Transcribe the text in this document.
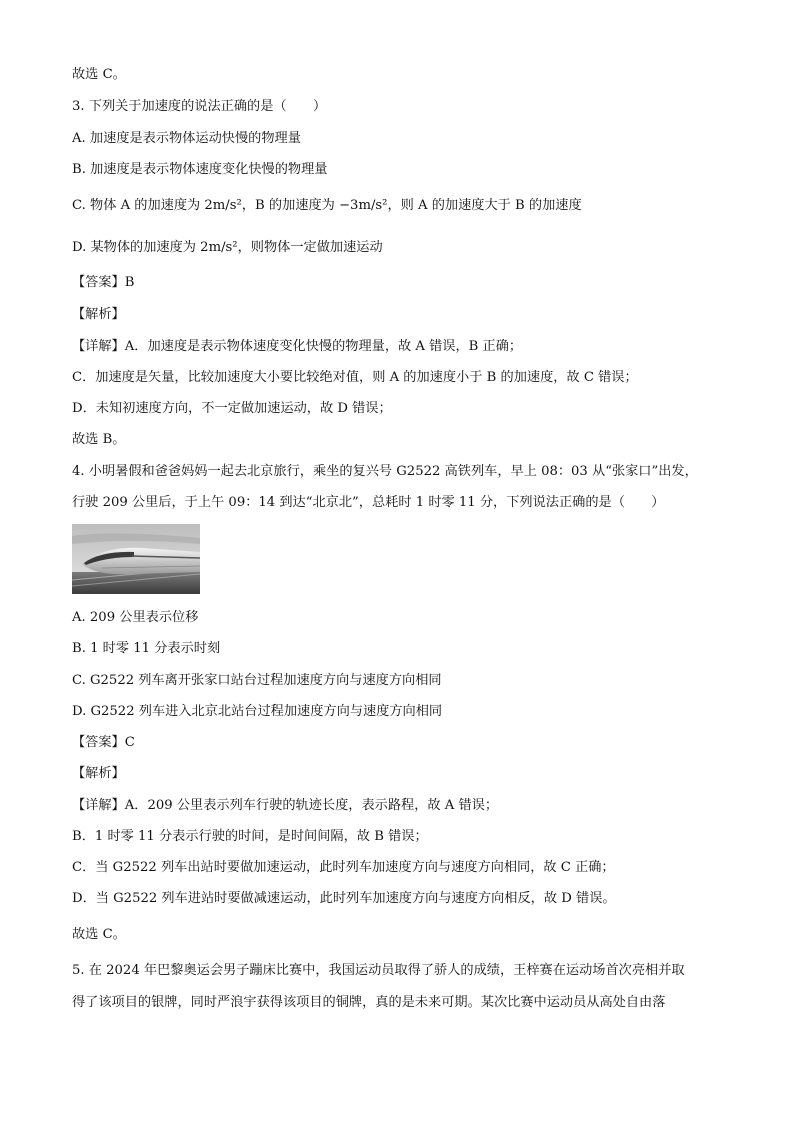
故选 C。
3. 下列关于加速度的说法正确的是（　　）
A. 加速度是表示物体运动快慢的物理量
B. 加速度是表示物体速度变化快慢的物理量
C. 物体 A 的加速度为 2m/s²，B 的加速度为 −3m/s²，则 A 的加速度大于 B 的加速度
D. 某物体的加速度为 2m/s²，则物体一定做加速运动
【答案】B
【解析】
【详解】A．加速度是表示物体速度变化快慢的物理量，故 A 错误，B 正确；
C．加速度是矢量，比较加速度大小要比较绝对值，则 A 的加速度小于 B 的加速度，故 C 错误；
D．未知初速度方向，不一定做加速运动，故 D 错误；
故选 B。
4. 小明暑假和爸爸妈妈一起去北京旅行，乘坐的复兴号 G2522 高铁列车，早上 08：03 从“张家口”出发，
行驶 209 公里后，于上午 09：14 到达“北京北”，总耗时 1 时零 11 分，下列说法正确的是（　　）
A. 209 公里表示位移
B. 1 时零 11 分表示时刻
C. G2522 列车离开张家口站台过程加速度方向与速度方向相同
D. G2522 列车进入北京北站台过程加速度方向与速度方向相同
【答案】C
【解析】
【详解】A．209 公里表示列车行驶的轨迹长度，表示路程，故 A 错误；
B．1 时零 11 分表示行驶的时间，是时间间隔，故 B 错误；
C．当 G2522 列车出站时要做加速运动，此时列车加速度方向与速度方向相同，故 C 正确；
D．当 G2522 列车进站时要做减速运动，此时列车加速度方向与速度方向相反，故 D 错误。
故选 C。
5. 在 2024 年巴黎奥运会男子蹦床比赛中，我国运动员取得了骄人的成绩，王梓赛在运动场首次亮相并取
得了该项目的银牌，同时严浪宇获得该项目的铜牌，真的是未来可期。某次比赛中运动员从高处自由落
